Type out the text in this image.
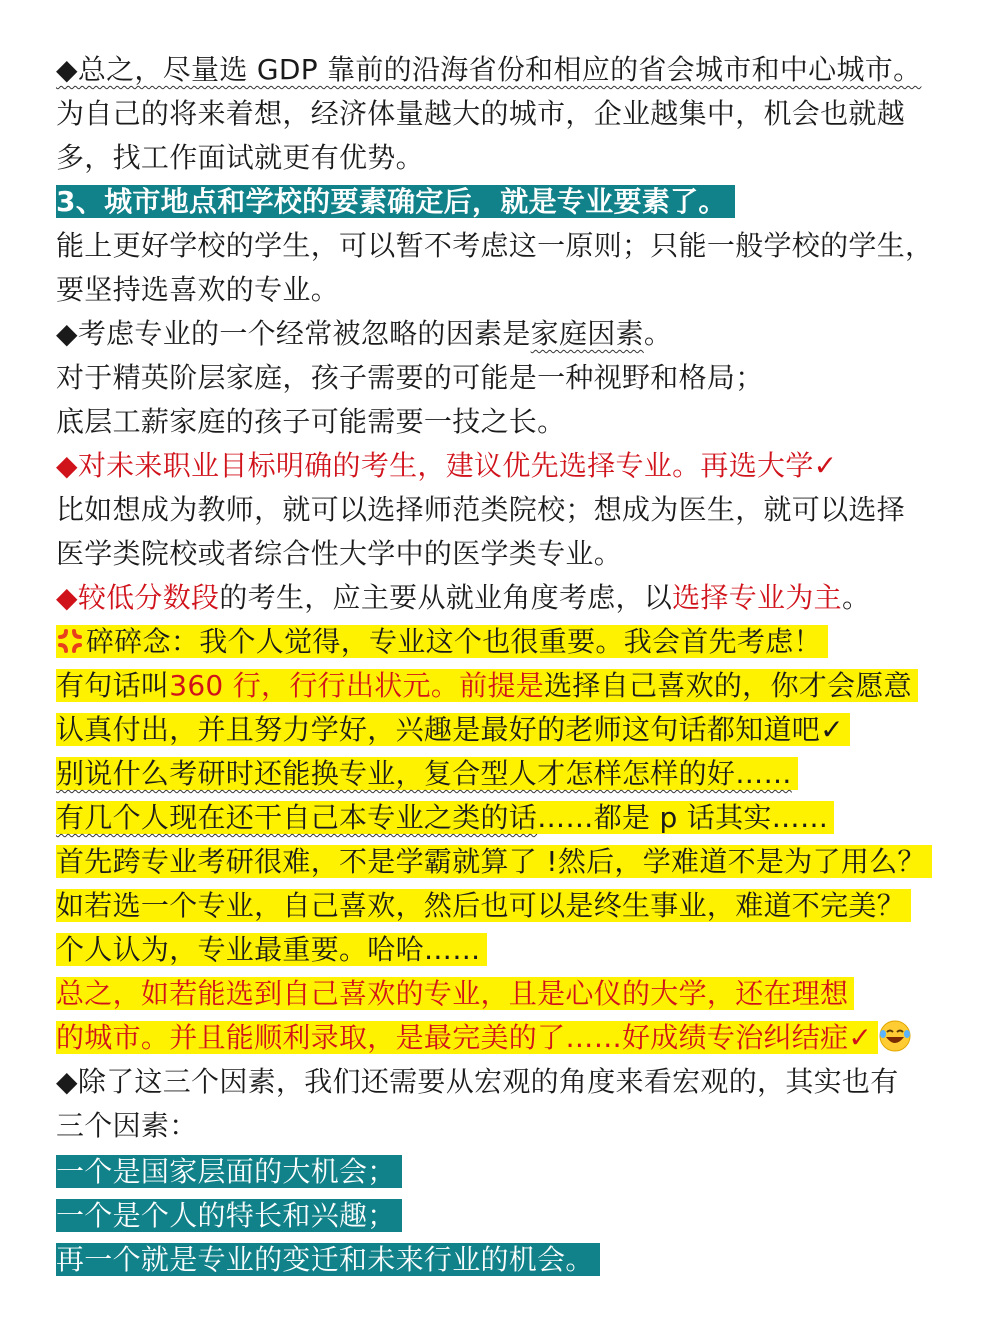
◆总之，尽量选 GDP 靠前的沿海省份和相应的省会城市和中心城市。
为自己的将来着想，经济体量越大的城市，企业越集中，机会也就越
多，找工作面试就更有优势。
3、城市地点和学校的要素确定后，就是专业要素了。
能上更好学校的学生，可以暂不考虑这一原则；只能一般学校的学生，
要坚持选喜欢的专业。
◆考虑专业的一个经常被忽略的因素是家庭因素。
对于精英阶层家庭，孩子需要的可能是一种视野和格局；
底层工薪家庭的孩子可能需要一技之长。
◆对未来职业目标明确的考生，建议优先选择专业。再选大学✓
比如想成为教师，就可以选择师范类院校；想成为医生，就可以选择
医学类院校或者综合性大学中的医学类专业。
◆较低分数段的考生，应主要从就业角度考虑，以选择专业为主。
碎碎念：我个人觉得，专业这个也很重要。我会首先考虑！
有句话叫360 行，行行出状元。前提是选择自己喜欢的，你才会愿意
认真付出，并且努力学好，兴趣是最好的老师这句话都知道吧✓
别说什么考研时还能换专业，复合型人才怎样怎样的好……
有几个人现在还干自己本专业之类的话……都是 p 话其实……
首先跨专业考研很难，不是学霸就算了 !然后，学难道不是为了用么？
如若选一个专业，自己喜欢，然后也可以是终生事业，难道不完美？
个人认为，专业最重要。哈哈……
总之，如若能选到自己喜欢的专业，且是心仪的大学，还在理想
的城市。并且能顺利录取，是最完美的了……好成绩专治纠结症✓
◆除了这三个因素，我们还需要从宏观的角度来看宏观的，其实也有
三个因素：
一个是国家层面的大机会；
一个是个人的特长和兴趣；
再一个就是专业的变迁和未来行业的机会。
